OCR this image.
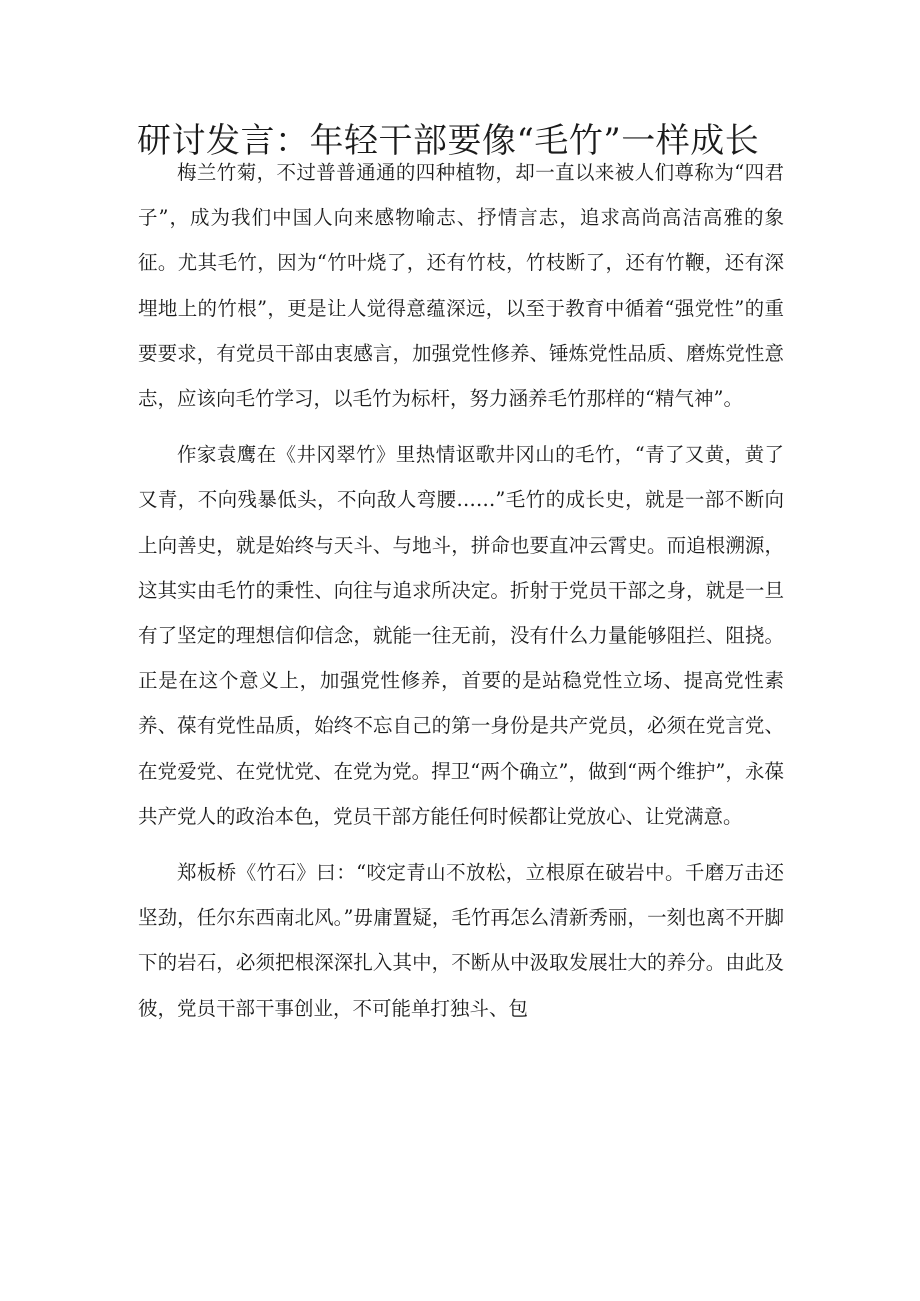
研讨发言：年轻干部要像“毛竹”一样成长

梅兰竹菊，不过普普通通的四种植物，却一直以来被人们尊称为“四君子”，成为我们中国人向来感物喻志、抒情言志，追求高尚高洁高雅的象征。尤其毛竹，因为“竹叶烧了，还有竹枝，竹枝断了，还有竹鞭，还有深埋地上的竹根”，更是让人觉得意蕴深远，以至于教育中循着“强党性”的重要要求，有党员干部由衷感言，加强党性修养、锤炼党性品质、磨炼党性意志，应该向毛竹学习，以毛竹为标杆，努力涵养毛竹那样的“精气神”。

作家袁鹰在《井冈翠竹》里热情讴歌井冈山的毛竹，“青了又黄，黄了又青，不向残暴低头，不向敌人弯腰……”毛竹的成长史，就是一部不断向上向善史，就是始终与天斗、与地斗，拼命也要直冲云霄史。而追根溯源，这其实由毛竹的秉性、向往与追求所决定。折射于党员干部之身，就是一旦有了坚定的理想信仰信念，就能一往无前，没有什么力量能够阻拦、阻挠。正是在这个意义上，加强党性修养，首要的是站稳党性立场、提高党性素养、葆有党性品质，始终不忘自己的第一身份是共产党员，必须在党言党、在党爱党、在党忧党、在党为党。捍卫“两个确立”，做到“两个维护”，永葆共产党人的政治本色，党员干部方能任何时候都让党放心、让党满意。

郑板桥《竹石》曰：“咬定青山不放松，立根原在破岩中。千磨万击还坚劲，任尔东西南北风。”毋庸置疑，毛竹再怎么清新秀丽，一刻也离不开脚下的岩石，必须把根深深扎入其中，不断从中汲取发展壮大的养分。由此及彼，党员干部干事创业，不可能单打独斗、包
